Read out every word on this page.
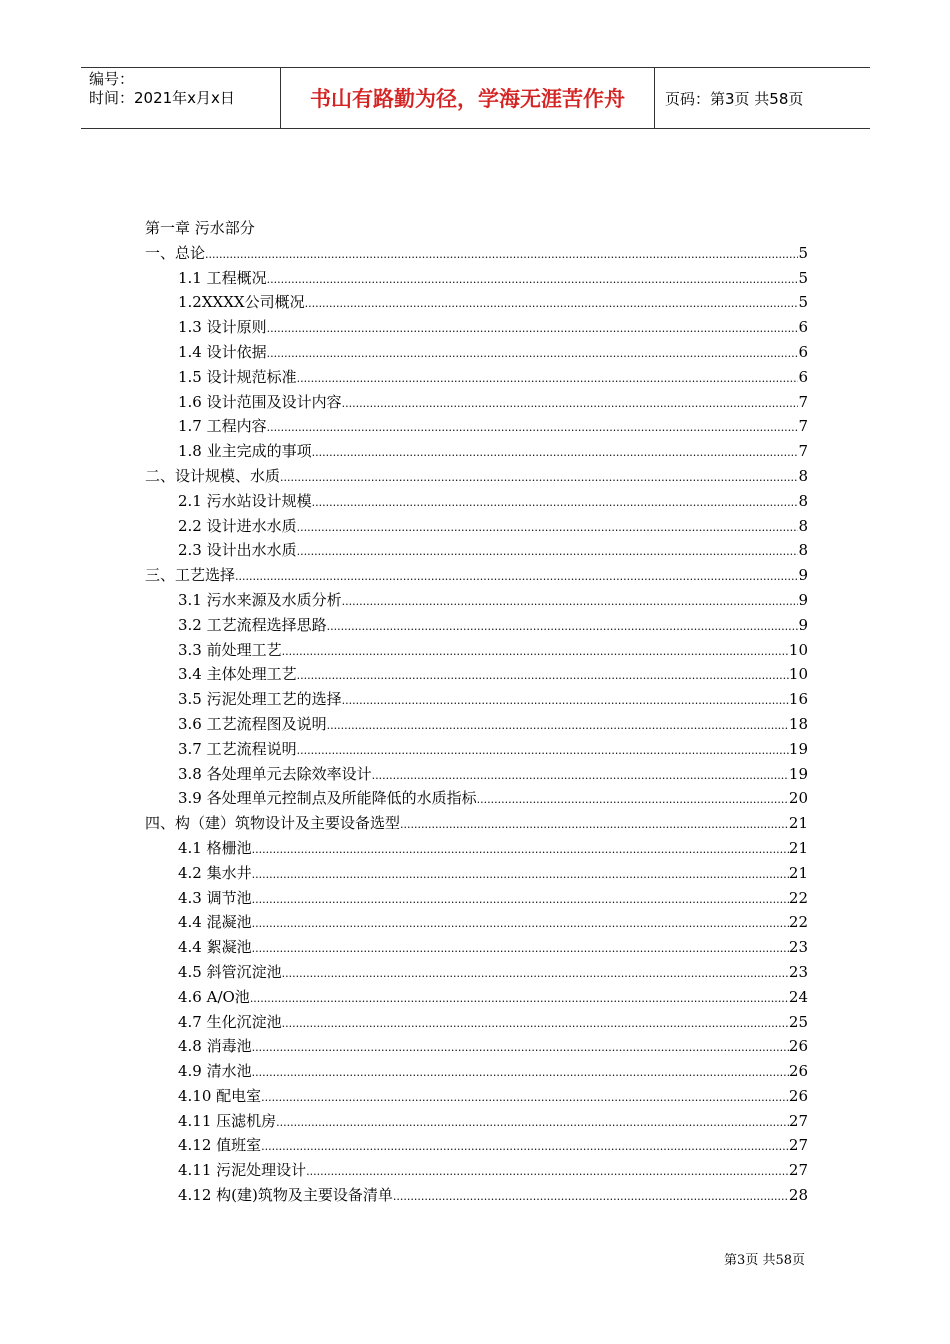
编号：
时间：2021年x月x日	书山有路勤为径，学海无涯苦作舟	页码：第3页 共58页
第一章 污水部分
一、总论 .....	5
1.1 工程概况 .....	5
1.2XXXX公司概况 .....	5
1.3 设计原则 .....	6
1.4 设计依据 .....	6
1.5 设计规范标准 .....	6
1.6 设计范围及设计内容 .....	7
1.7 工程内容 .....	7
1.8 业主完成的事项 .....	7
二、设计规模、水质 .....	8
2.1 污水站设计规模 .....	8
2.2 设计进水水质 .....	8
2.3 设计出水水质 .....	8
三、工艺选择 .....	9
3.1 污水来源及水质分析 .....	9
3.2 工艺流程选择思路 .....	9
3.3 前处理工艺 .....	10
3.4 主体处理工艺 .....	10
3.5 污泥处理工艺的选择 .....	16
3.6 工艺流程图及说明 .....	18
3.7 工艺流程说明 .....	19
3.8 各处理单元去除效率设计 .....	19
3.9 各处理单元控制点及所能降低的水质指标 .....	20
四、构（建）筑物设计及主要设备选型 .....	21
4.1 格栅池 .....	21
4.2 集水井 .....	21
4.3 调节池 .....	22
4.4 混凝池 .....	22
4.4 絮凝池 .....	23
4.5 斜管沉淀池 .....	23
4.6 A/O池 .....	24
4.7 生化沉淀池 .....	25
4.8 消毒池 .....	26
4.9 清水池 .....	26
4.10 配电室 .....	26
4.11 压滤机房 .....	27
4.12 值班室 .....	27
4.11 污泥处理设计 .....	27
4.12 构(建)筑物及主要设备清单 .....	28
第3页 共58页
